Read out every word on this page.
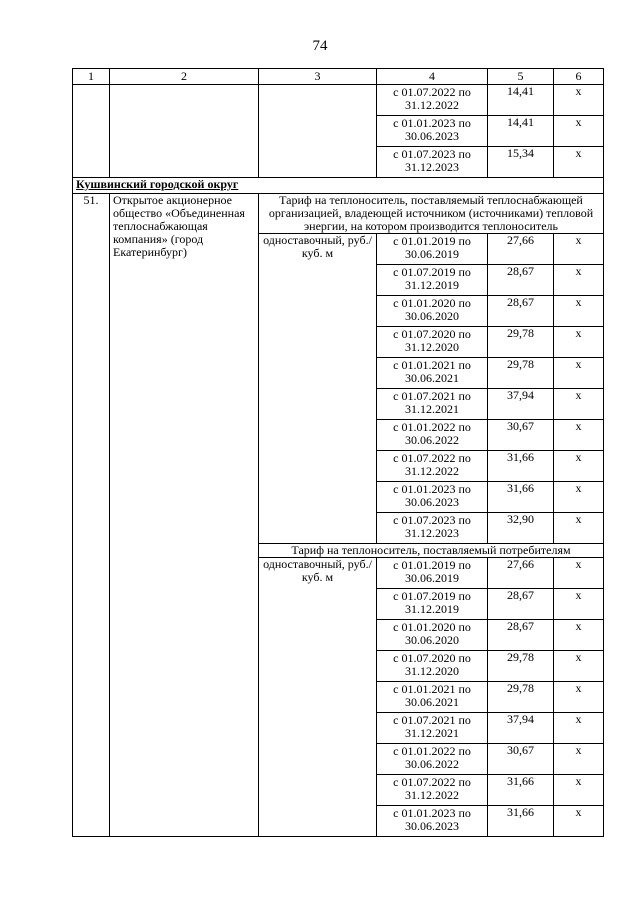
74
1	2	3	4	5	6
			с 01.07.2022 по 31.12.2022	14,41	х
			с 01.01.2023 по 30.06.2023	14,41	х
			с 01.07.2023 по 31.12.2023	15,34	х
Кушвинский городской округ					
51.	Открытое акционерное общество «Объединенная теплоснабжающая компания» (город Екатеринбург)	Тариф на теплоноситель, поставляемый теплоснабжающей организацией, владеющей источником (источниками) тепловой энергии, на котором производится теплоноситель			
		одноставочный, руб./куб. м	с 01.01.2019 по 30.06.2019	27,66	х
			с 01.07.2019 по 31.12.2019	28,67	х
			с 01.01.2020 по 30.06.2020	28,67	х
			с 01.07.2020 по 31.12.2020	29,78	х
			с 01.01.2021 по 30.06.2021	29,78	х
			с 01.07.2021 по 31.12.2021	37,94	х
			с 01.01.2022 по 30.06.2022	30,67	х
			с 01.07.2022 по 31.12.2022	31,66	х
			с 01.01.2023 по 30.06.2023	31,66	х
			с 01.07.2023 по 31.12.2023	32,90	х
		Тариф на теплоноситель, поставляемый потребителям			
		одноставочный, руб./куб. м	с 01.01.2019 по 30.06.2019	27,66	х
			с 01.07.2019 по 31.12.2019	28,67	х
			с 01.01.2020 по 30.06.2020	28,67	х
			с 01.07.2020 по 31.12.2020	29,78	х
			с 01.01.2021 по 30.06.2021	29,78	х
			с 01.07.2021 по 31.12.2021	37,94	х
			с 01.01.2022 по 30.06.2022	30,67	х
			с 01.07.2022 по 31.12.2022	31,66	х
			с 01.01.2023 по 30.06.2023	31,66	х
